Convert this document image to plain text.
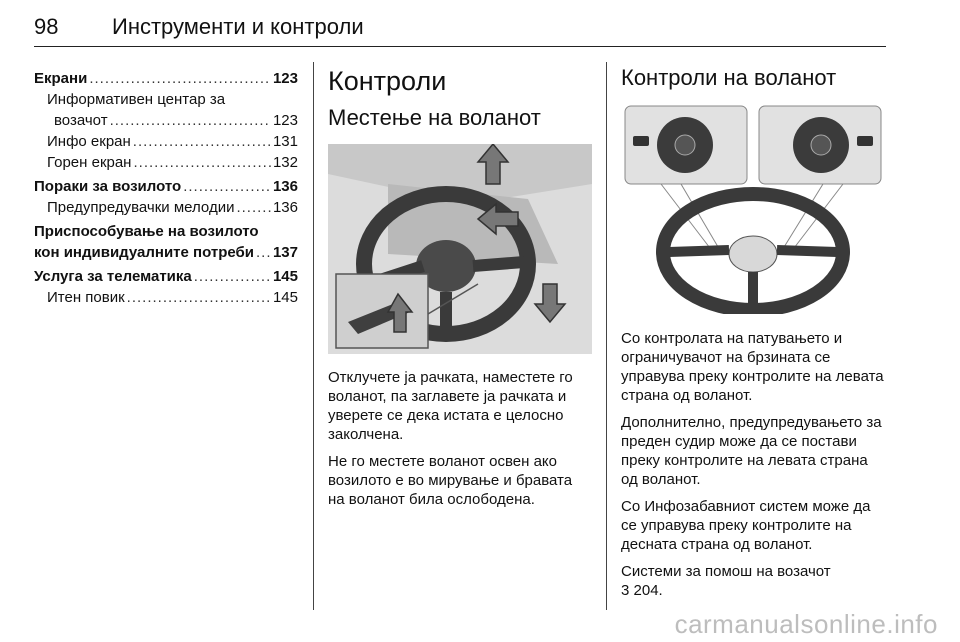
98 Инструменти и контроли
Екрани .....	123
Информативен центар за
возачот .....	123
Инфо екран .....	131
Горен екран .....	132
Пораки за возилото .....	136
Предупредувачки мелодии .....	136
Приспособување на возилото
кон индивидуалните потреби ..... 137
Услуга за телематика .....	145
Итен повик .....	145
Контроли
Местење на воланот

Отклучете ја рачката, наместете го воланот, па заглавете ја рачката и уверете се дека истата е целосно заколчена.

Не го местете воланот освен ако возилото е во мирување и бравата на воланот била ослободена.

Контроли на воланот

Со контролата на патувањето и ограничувачот на брзината се управува преку контролите на левата страна од воланот.

Дополнително, предупредувањето за преден судир може да се постави преку контролите на левата страна од воланот.

Со Инфозабавниот систем може да се управува преку контролите на десната страна од воланот.

Системи за помош на возачот

3 204.

carmanualsonline.info
